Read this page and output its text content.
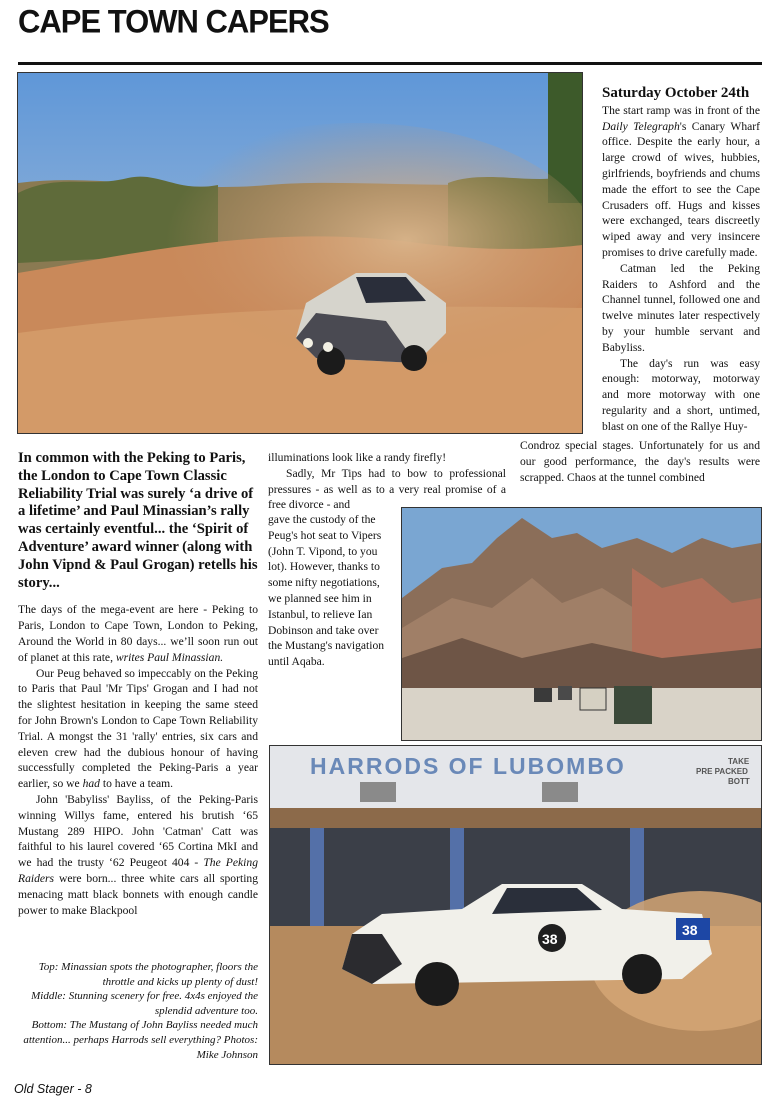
CAPE TOWN CAPERS
Saturday October 24th

The start ramp was in front of the Daily Telegraph's Canary Wharf office. Despite the early hour, a large crowd of wives, hubbies, girlfriends, boyfriends and chums made the effort to see the Cape Crusaders off. Hugs and kisses were exchanged, tears discreetly wiped away and very insincere promises to drive carefully made.

Catman led the Peking Raiders to Ashford and the Channel tunnel, followed one and twelve minutes later respectively by your humble servant and Babyliss.

The day's run was easy enough: motorway, motorway and more motorway with one regularity and a short, untimed, blast on one of the Rallye Huy-

In common with the Peking to Paris, the London to Cape Town Classic Reliability Trial was surely ‘a drive of a lifetime’ and Paul Minassian’s rally was certainly eventful... the ‘Spirit of Adventure’ award winner (along with John Vipnd & Paul Grogan) retells his story...

The days of the mega-event are here - Peking to Paris, London to Cape Town, London to Peking, Around the World in 80 days... we’ll soon run out of planet at this rate, writes Paul Minassian.

Our Peug behaved so impeccably on the Peking to Paris that Paul 'Mr Tips' Grogan and I had not the slightest hesitation in keeping the same steed for John Brown's London to Cape Town Reliability Trial. A mongst the 31 'rally' entries, six cars and eleven crew had the dubious honour of having successfully completed the Peking-Paris a year earlier, so we had to have a team.

John 'Babyliss' Bayliss, of the Peking-Paris winning Willys fame, entered his brutish ‘65 Mustang 289 HIPO. John 'Catman' Catt was faithful to his laurel covered ‘65 Cortina MkI and we had the trusty ‘62 Peugeot 404 - The Peking Raiders were born... three white cars all sporting menacing matt black bonnets with enough candle power to make Blackpool

illuminations look like a randy firefly!

Sadly, Mr Tips had to bow to professional pressures - as well as to a very real promise of a free divorce - and

gave the custody of the Peug's hot seat to Vipers (John T. Vipond, to you lot). However, thanks to some nifty negotiations, we planned see him in Istanbul, to relieve Ian Dobinson and take over the Mustang's navigation until Aqaba.

Condroz special stages. Unfortunately for us and our good performance, the day's results were scrapped. Chaos at the tunnel combined

HARRODS OF LUBOMBO	TAKE
PRE PACKED
BOTT
38
38
Top: Minassian spots the photographer, floors the throttle and kicks up plenty of dust!
Middle: Stunning scenery for free. 4x4s enjoyed the splendid adventure too.
Bottom: The Mustang of John Bayliss needed much attention... perhaps Harrods sell everything? Photos: Mike Johnson
Old Stager - 8
